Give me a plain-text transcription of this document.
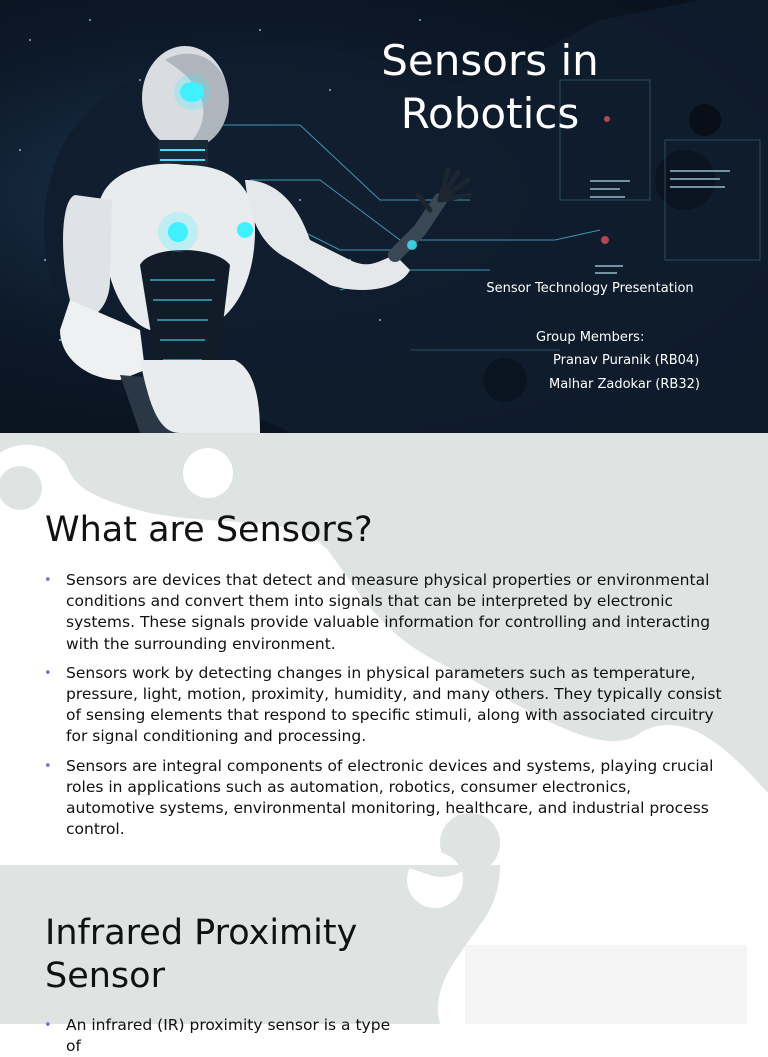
Sensors in Robotics
Sensor Technology Presentation
Group Members:
Pranav Puranik (RB04)
Malhar Zadokar (RB32)
What are Sensors?
• Sensors are devices that detect and measure physical properties or environmental conditions and convert them into signals that can be interpreted by electronic systems. These signals provide valuable information for controlling and interacting with the surrounding environment.
• Sensors work by detecting changes in physical parameters such as temperature, pressure, light, motion, proximity, humidity, and many others. They typically consist of sensing elements that respond to specific stimuli, along with associated circuitry for signal conditioning and processing.
• Sensors are integral components of electronic devices and systems, playing crucial roles in applications such as automation, robotics, consumer electronics, automotive systems, environmental monitoring, healthcare, and industrial process control.
Infrared Proximity Sensor
• An infrared (IR) proximity sensor is a type of
